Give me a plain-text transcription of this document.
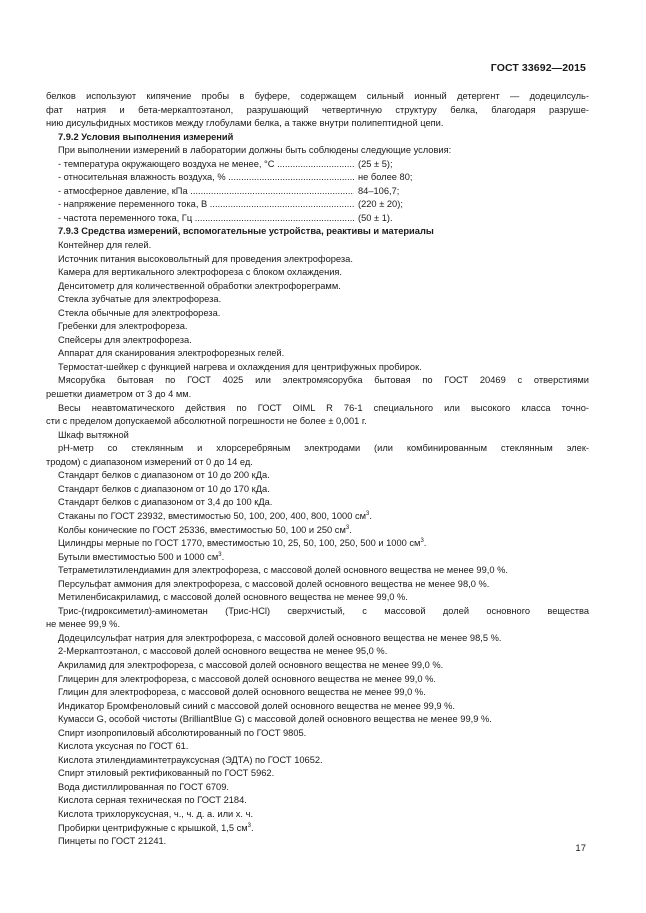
ГОСТ 33692—2015

белков используют кипячение пробы в буфере, содержащем сильный ионный детергент — додецилсуль-

фат натрия и бета-меркаптоэтанол, разрушающий четвертичную структуру белка, благодаря разруше-

нию дисульфидных мостиков между глобулами белка, а также внутри полипептидной цепи.

7.9.2 Условия выполнения измерений

При выполнении измерений в лаборатории должны быть соблюдены следующие условия:

- температура окружающего воздуха не менее, °С .....	(25 ± 5);

- относительная влажность воздуха, % .....	не более 80;

- атмосферное давление, кПа .....	84–106,7;

- напряжение переменного тока, В .....	(220 ± 20);

- частота переменного тока, Гц .....	(50 ± 1).

7.9.3 Средства измерений, вспомогательные устройства, реактивы и материалы

Контейнер для гелей.

Источник питания высоковольтный для проведения электрофореза.

Камера для вертикального электрофореза с блоком охлаждения.

Денситометр для количественной обработки электрофореграмм.

Стекла зубчатые для электрофореза.

Стекла обычные для электрофореза.

Гребенки для электрофореза.

Спейсеры для электрофореза.

Аппарат для сканирования электрофорезных гелей.

Термостат-шейкер с функцией нагрева и охлаждения для центрифужных пробирок.

Мясорубка бытовая по ГОСТ 4025 или электромясорубка бытовая по ГОСТ 20469 с отверстиями

решетки диаметром от 3 до 4 мм.

Весы неавтоматического действия по ГОСТ OIML R 76-1 специального или высокого класса точно-

сти с пределом допускаемой абсолютной погрешности не более ± 0,001 г.

Шкаф вытяжной

pH-метр со стеклянным и хлорсеребряным электродами (или комбинированным стеклянным элек-

тродом) с диапазоном измерений от 0 до 14 ед.

Стандарт белков с диапазоном от 10 до 200 кДа.

Стандарт белков с диапазоном от 10 до 170 кДа.

Стандарт белков с диапазоном от 3,4 до 100 кДа.

Стаканы по ГОСТ 23932, вместимостью 50, 100, 200, 400, 800, 1000 $см^3$.

Колбы конические по ГОСТ 25336, вместимостью 50, 100 и 250 $см^3$.

Цилиндры мерные по ГОСТ 1770, вместимостью 10, 25, 50, 100, 250, 500 и 1000 $см^3$.

Бутыли вместимостью 500 и 1000 $см^3$.

Тетраметилэтилендиамин для электрофореза, с массовой долей основного вещества не менее 99,0 %.

Персульфат аммония для электрофореза, с массовой долей основного вещества не менее 98,0 %.

Метиленбисакриламид, с массовой долей основного вещества не менее 99,0 %.

Трис-(гидроксиметил)-аминометан (Трис-HCl) сверхчистый, с массовой долей основного вещества

не менее 99,9 %.

Додецилсульфат натрия для электрофореза, с массовой долей основного вещества не менее 98,5 %.

2-Меркаптоэтанол, с массовой долей основного вещества не менее 95,0 %.

Акриламид для электрофореза, с массовой долей основного вещества не менее 99,0 %.

Глицерин для электрофореза, с массовой долей основного вещества не менее 99,0 %.

Глицин для электрофореза, с массовой долей основного вещества не менее 99,0 %.

Индикатор Бромфеноловый синий с массовой долей основного вещества не менее 99,9 %.

Кумасси G, особой чистоты (BrilliantBlue G) с массовой долей основного вещества не менее 99,9 %.

Спирт изопропиловый абсолютированный по ГОСТ 9805.

Кислота уксусная по ГОСТ 61.

Кислота этилендиаминтетрауксусная (ЭДТА) по ГОСТ 10652.

Спирт этиловый ректификованный по ГОСТ 5962.

Вода дистиллированная по ГОСТ 6709.

Кислота серная техническая по ГОСТ 2184.

Кислота трихлоруксусная, ч., ч. д. а. или х. ч.

Пробирки центрифужные с крышкой, 1,5 $см^3$.

Пинцеты по ГОСТ 21241.

17
